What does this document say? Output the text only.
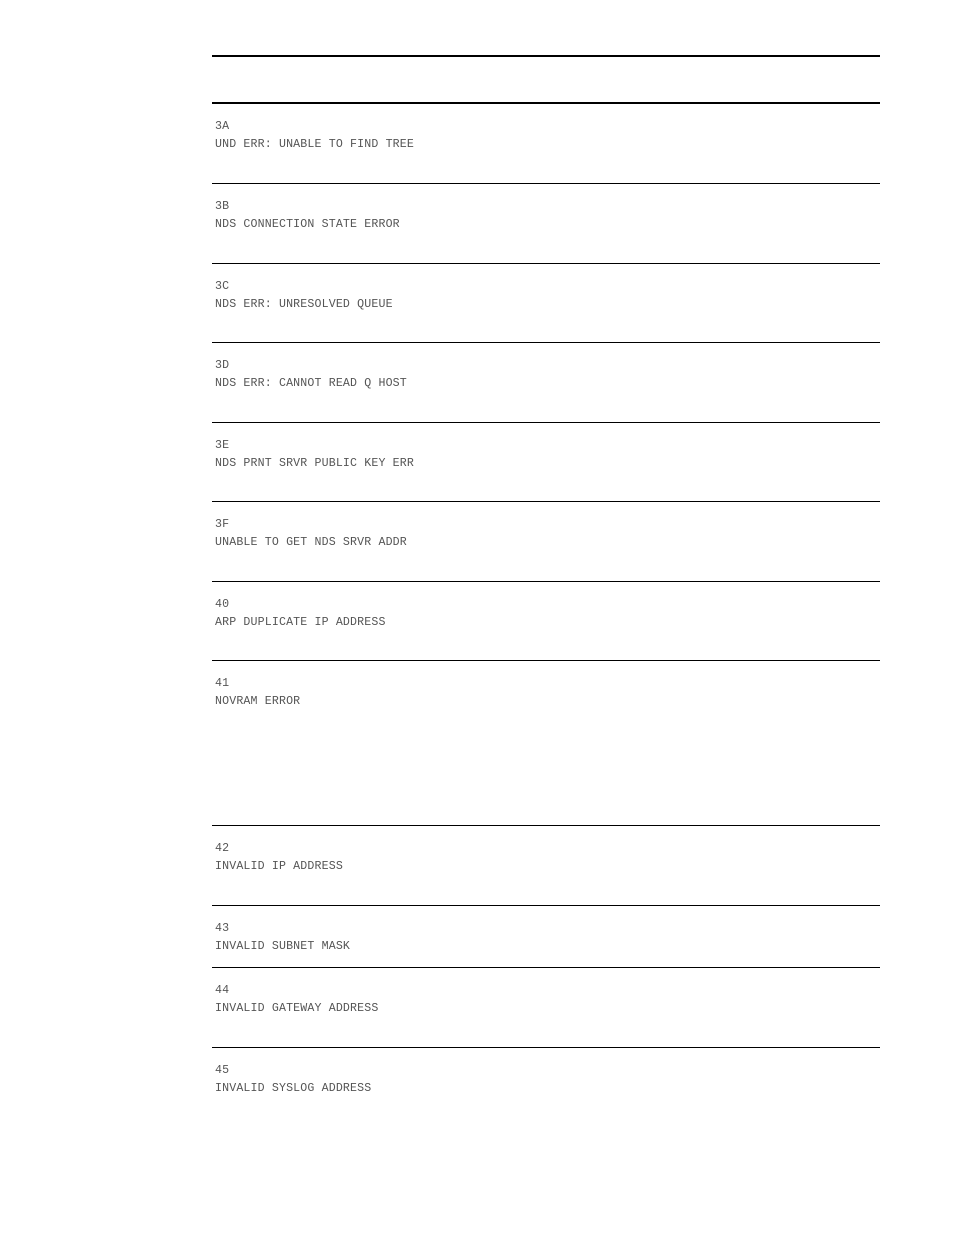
3A
UND ERR: UNABLE TO FIND TREE
3B
NDS CONNECTION STATE ERROR
3C
NDS ERR: UNRESOLVED QUEUE
3D
NDS ERR: CANNOT READ Q HOST
3E
NDS PRNT SRVR PUBLIC KEY ERR
3F
UNABLE TO GET NDS SRVR ADDR
40
ARP DUPLICATE IP ADDRESS
41
NOVRAM ERROR
42
INVALID IP ADDRESS
43
INVALID SUBNET MASK
44
INVALID GATEWAY ADDRESS
45
INVALID SYSLOG ADDRESS
